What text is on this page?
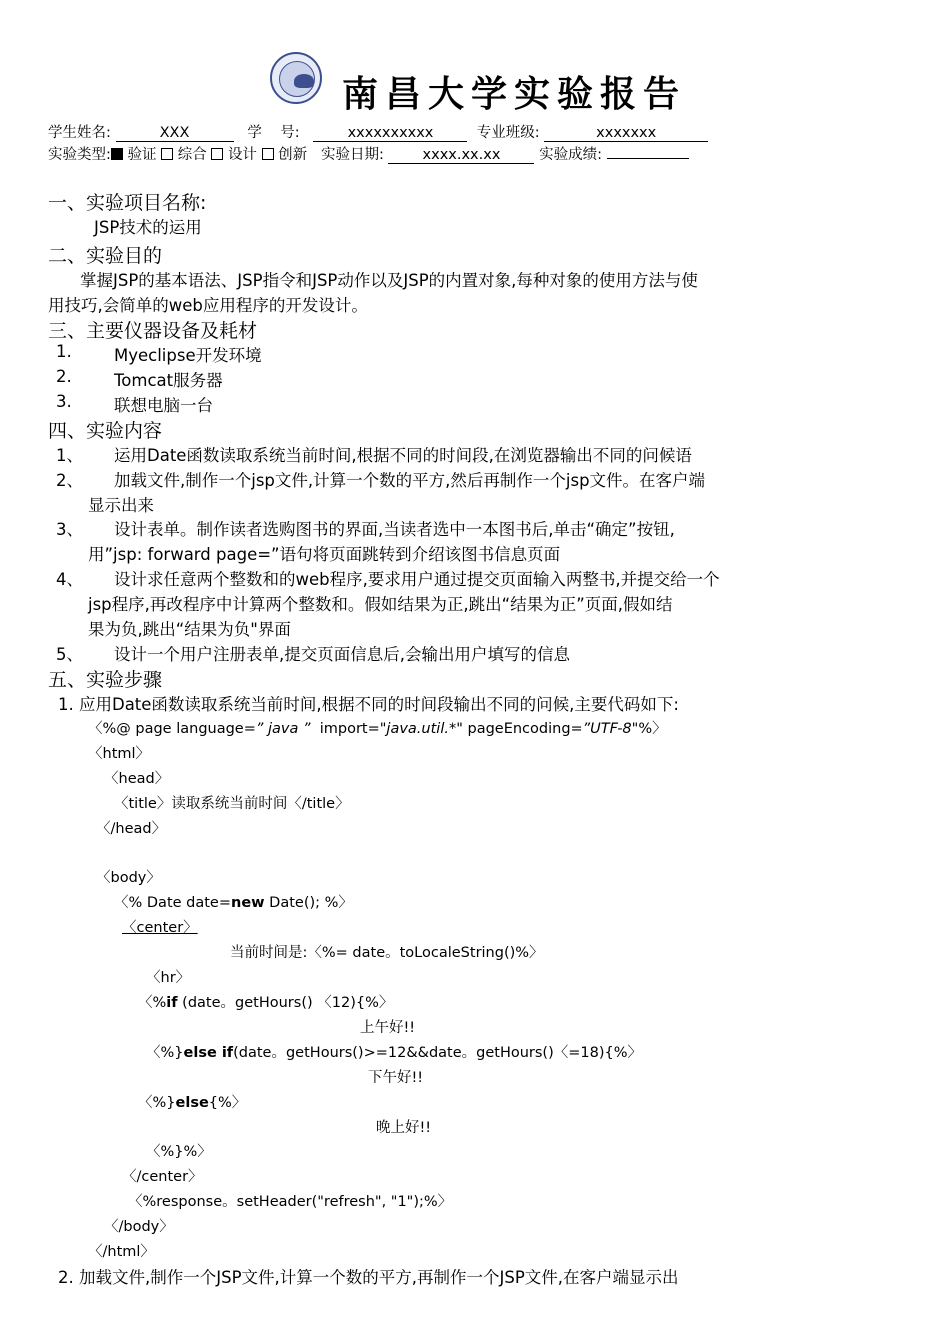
南昌大学实验报告
学生姓名:	XXX	学    号:	xxxxxxxxxx	专业班级:	xxxxxxx
实验类型: 验证 综合 设计 创新 实验日期:	xxxx.xx.xx	实验成绩:
一、实验项目名称:
JSP技术的运用
二、实验目的
掌握JSP的基本语法、JSP指令和JSP动作以及JSP的内置对象,每种对象的使用方法与使
用技巧,会简单的web应用程序的开发设计。
三、主要仪器设备及耗材
1.	Myeclipse开发环境
2.	Tomcat服务器
3.	联想电脑一台
四、实验内容
1、 运用Date函数读取系统当前时间,根据不同的时间段,在浏览器输出不同的问候语
2、 加载文件,制作一个jsp文件,计算一个数的平方,然后再制作一个jsp文件。在客户端
显示出来
3、 设计表单。制作读者选购图书的界面,当读者选中一本图书后,单击“确定”按钮,
用”jsp: forward page=”语句将页面跳转到介绍该图书信息页面
4、 设计求任意两个整数和的web程序,要求用户通过提交页面输入两整书,并提交给一个
jsp程序,再改程序中计算两个整数和。假如结果为正,跳出“结果为正”页面,假如结
果为负,跳出“结果为负"界面
5、 设计一个用户注册表单,提交页面信息后,会输出用户填写的信息
五、实验步骤
1. 应用Date函数读取系统当前时间,根据不同的时间段输出不同的问候,主要代码如下:
〈%@ page language=” java ”  import="java.util.*" pageEncoding=”UTF-8"%〉
〈html〉
〈head〉
〈title〉读取系统当前时间〈/title〉
〈/head〉
〈body〉
〈% Date date=new Date(); %〉
〈center〉
当前时间是:〈%= date。toLocaleString()%〉
〈hr〉
〈%if (date。getHours() 〈12){%〉
上午好!!
〈%}else if(date。getHours()>=12&&date。getHours()〈=18){%〉
下午好!!
〈%}else{%〉
晚上好!!
〈%}%〉
〈/center〉
〈%response。setHeader("refresh", "1");%〉
〈/body〉
〈/html〉
2. 加载文件,制作一个JSP文件,计算一个数的平方,再制作一个JSP文件,在客户端显示出
